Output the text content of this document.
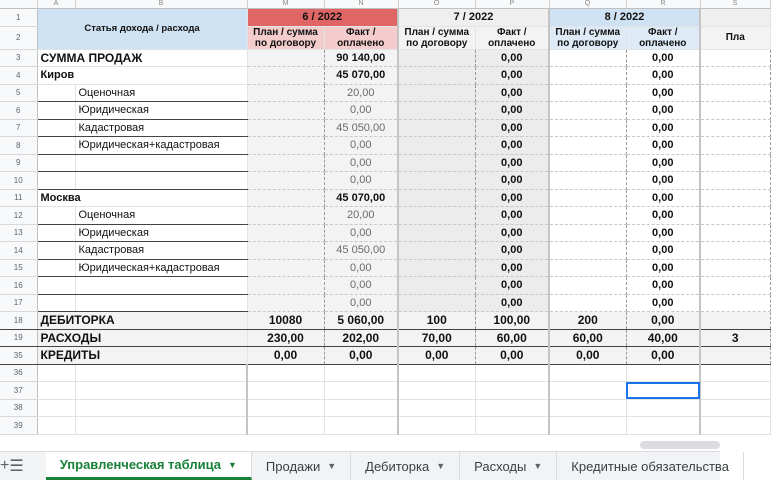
	A	B	M	N	O	P	Q	R	S
1	Статья дохода / расхода		6 / 2022		7 / 2022		8 / 2022		
2			План / сумма по договору	Факт / оплачено	План / сумма по договору	Факт / оплачено	План / сумма по договору	Факт / оплачено	Пла
3	СУММА ПРОДАЖ			90 140,00		0,00		0,00	
4	Киров			45 070,00		0,00		0,00	
5		Оценочная		20,00		0,00		0,00	
6		Юридическая		0,00		0,00		0,00	
7		Кадастровая		45 050,00		0,00		0,00	
8		Юридическая+кадастровая		0,00		0,00		0,00	
9				0,00		0,00		0,00	
10				0,00		0,00		0,00	
11	Москва			45 070,00		0,00		0,00	
12		Оценочная		20,00		0,00		0,00	
13		Юридическая		0,00		0,00		0,00	
14		Кадастровая		45 050,00		0,00		0,00	
15		Юридическая+кадастровая		0,00		0,00		0,00	
16				0,00		0,00		0,00	
17				0,00		0,00		0,00	
18	ДЕБИТОРКА		10080	5 060,00	100	100,00	200	0,00	
19	РАСХОДЫ		230,00	202,00	70,00	60,00	60,00	40,00	3
35	КРЕДИТЫ		0,00	0,00	0,00	0,00	0,00	0,00	
36									
37									
38									
39									
+ ☰	Управленческая таблица ▼ Продажи ▼ Дебиторка ▼ Расходы ▼ Кредитные обязательства
